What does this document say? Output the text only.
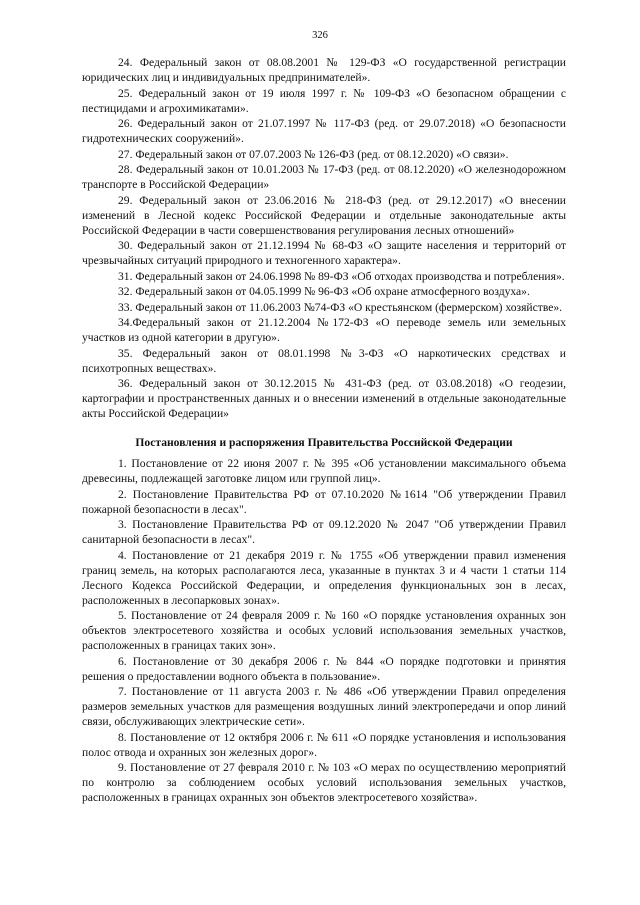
326

24. Федеральный закон от 08.08.2001 № 129-ФЗ «О государственной регистрации юридических лиц и индивидуальных предпринимателей».

25. Федеральный закон от 19 июля 1997 г. № 109-ФЗ «О безопасном обращении с пестицидами и агрохимикатами».

26. Федеральный закон от 21.07.1997 № 117-ФЗ (ред. от 29.07.2018) «О безопасности гидротехнических сооружений».

27. Федеральный закон от 07.07.2003 № 126-ФЗ (ред. от 08.12.2020) «О связи».

28. Федеральный закон от 10.01.2003 № 17-ФЗ (ред. от 08.12.2020) «О железнодорожном транспорте в Российской Федерации»

29. Федеральный закон от 23.06.2016 № 218-ФЗ (ред. от 29.12.2017) «О внесении изменений в Лесной кодекс Российской Федерации и отдельные законодательные акты Российской Федерации в части совершенствования регулирования лесных отношений»

30. Федеральный закон от 21.12.1994 № 68-ФЗ «О защите населения и территорий от чрезвычайных ситуаций природного и техногенного характера».

31. Федеральный закон от 24.06.1998 № 89-ФЗ «Об отходах производства и потребления».

32. Федеральный закон от 04.05.1999 № 96-ФЗ «Об охране атмосферного воздуха».

33. Федеральный закон от 11.06.2003 №74-ФЗ «О крестьянском (фермерском) хозяйстве».

34.Федеральный закон от 21.12.2004 №172-ФЗ «О переводе земель или земельных участков из одной категории в другую».

35. Федеральный закон от 08.01.1998 №3-ФЗ «О наркотических средствах и психотропных веществах».

36. Федеральный закон от 30.12.2015 № 431-ФЗ (ред. от 03.08.2018) «О геодезии, картографии и пространственных данных и о внесении изменений в отдельные законодательные акты Российской Федерации»

Постановления и распоряжения Правительства Российской Федерации

1. Постановление от 22 июня 2007 г. № 395 «Об установлении максимального объема древесины, подлежащей заготовке лицом или группой лиц».

2. Постановление Правительства РФ от 07.10.2020 №1614 "Об утверждении Правил пожарной безопасности в лесах".

3. Постановление Правительства РФ от 09.12.2020 № 2047 "Об утверждении Правил санитарной безопасности в лесах".

4. Постановление от 21 декабря 2019 г. № 1755 «Об утверждении правил изменения границ земель, на которых располагаются леса, указанные в пунктах 3 и 4 части 1 статьи 114 Лесного Кодекса Российской Федерации, и определения функциональных зон в лесах, расположенных в лесопарковых зонах».

5. Постановление от 24 февраля 2009 г. № 160 «О порядке установления охранных зон объектов электросетевого хозяйства и особых условий использования земельных участков, расположенных в границах таких зон».

6. Постановление от 30 декабря 2006 г. № 844 «О порядке подготовки и принятия решения о предоставлении водного объекта в пользование».

7. Постановление от 11 августа 2003 г. № 486 «Об утверждении Правил определения размеров земельных участков для размещения воздушных линий электропередачи и опор линий связи, обслуживающих электрические сети».

8. Постановление от 12 октября 2006 г. № 611 «О порядке установления и использования полос отвода и охранных зон железных дорог».

9. Постановление от 27 февраля 2010 г. № 103 «О мерах по осуществлению мероприятий по контролю за соблюдением особых условий использования земельных участков, расположенных в границах охранных зон объектов электросетевого хозяйства».
